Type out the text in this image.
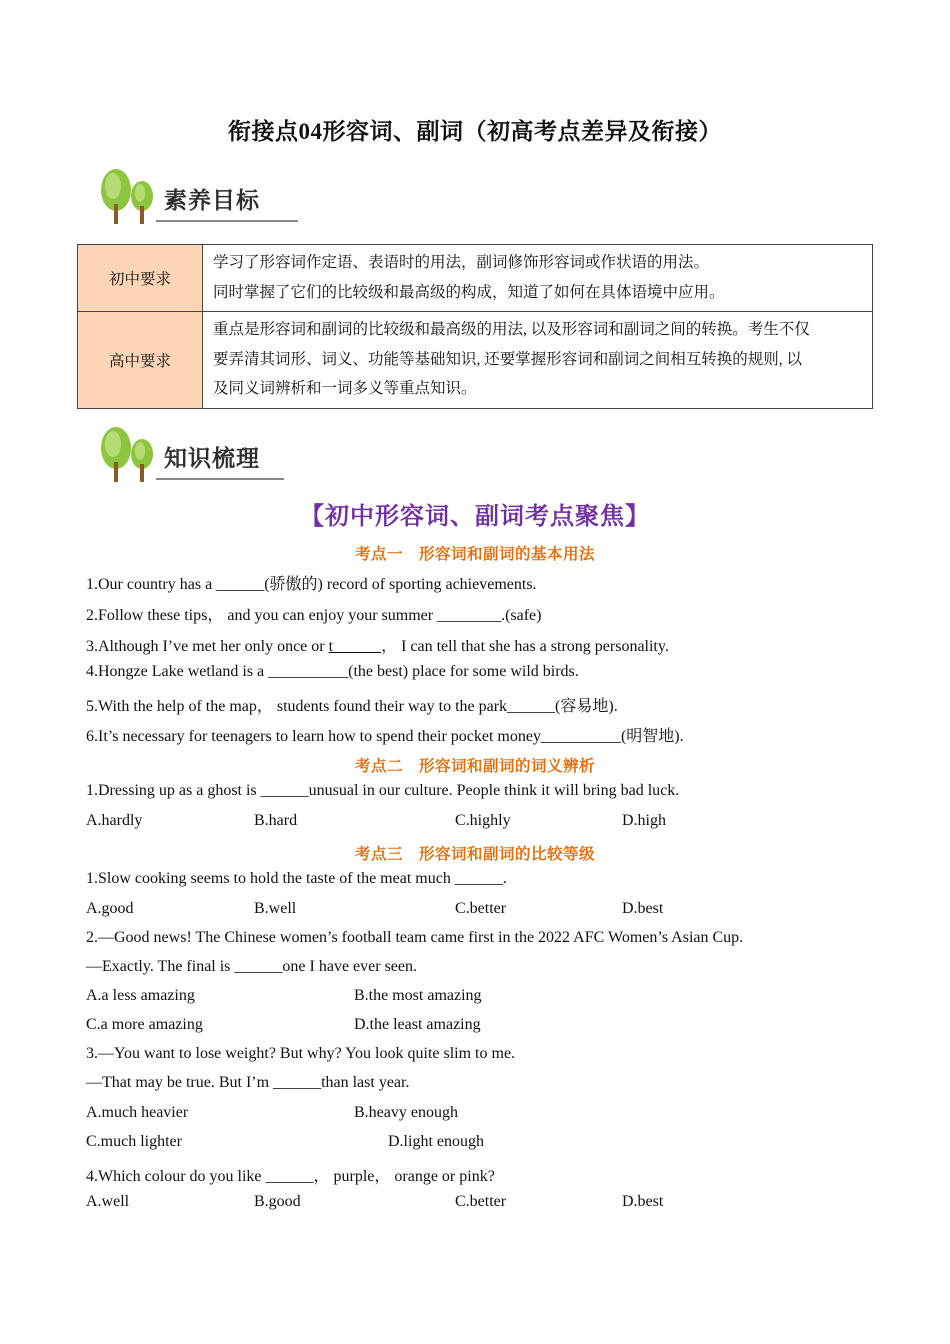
衔接点04形容词、副词（初高考点差异及衔接）
素养目标
初中要求	学习了形容词作定语、表语时的用法，副词修饰形容词或作状语的用法。
同时掌握了它们的比较级和最高级的构成，知道了如何在具体语境中应用。

高中要求	重点是形容词和副词的比较级和最高级的用法, 以及形容词和副词之间的转换。考生不仅
要弄清其词形、词义、功能等基础知识, 还要掌握形容词和副词之间相互转换的规则, 以
及同义词辨析和一词多义等重点知识。
知识梳理
【初中形容词、副词考点聚焦】
考点一　形容词和副词的基本用法
1.Our country has a ______(骄傲的) record of sporting achievements.
2.Follow these tips， and you can enjoy your summer ________.(safe)
3.Although I’ve met her only once or t______， I can tell that she has a strong personality.
4.Hongze Lake wetland is a __________(the best) place for some wild birds.
5.With the help of the map， students found their way to the park______(容易地).
6.It’s necessary for teenagers to learn how to spend their pocket money__________(明智地).
考点二　形容词和副词的词义辨析
1.Dressing up as a ghost is ______unusual in our culture. People think it will bring bad luck.
A.hardly	B.hard	C.highly	D.high
考点三　形容词和副词的比较等级
1.Slow cooking seems to hold the taste of the meat much ______.
A.good	B.well	C.better	D.best
2.—Good news! The Chinese women’s football team came first in the 2022 AFC Women’s Asian Cup.
—Exactly. The final is ______one I have ever seen.
A.a less amazing	B.the most amazing
C.a more amazing	D.the least amazing
3.—You want to lose weight? But why? You look quite slim to me.
—That may be true. But I’m ______than last year.
A.much heavier	B.heavy enough
C.much lighter	D.light enough
4.Which colour do you like ______， purple， orange or pink?
A.well	B.good	C.better	D.best
